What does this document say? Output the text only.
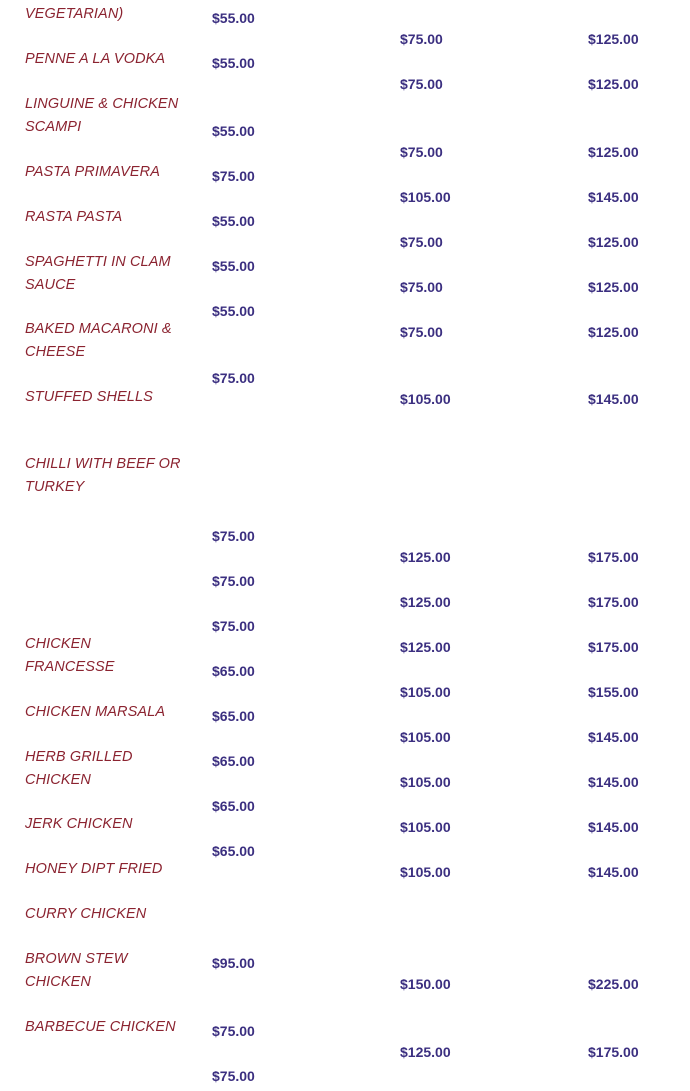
VEGETARIAN)

PENNE A LA VODKA

LINGUINE & CHICKEN SCAMPI

PASTA PRIMAVERA

RASTA PASTA

SPAGHETTI IN CLAM SAUCE

BAKED MACARONI & CHEESE

STUFFED SHELLS

CHILLI WITH BEEF OR TURKEY

CHICKEN FRANCESSE

CHICKEN MARSALA

HERB GRILLED CHICKEN

JERK CHICKEN

HONEY DIPT FRIED

CURRY CHICKEN

BROWN STEW CHICKEN

BARBECUE CHICKEN

$55.00
$55.00
$55.00
$75.00
$55.00
$55.00
$55.00
$75.00
$75.00
$75.00
$75.00
$65.00
$65.00
$65.00
$65.00
$65.00
$95.00
$75.00
$75.00
$75.00
$75.00
$75.00
$105.00
$75.00
$75.00
$75.00
$105.00
$125.00
$125.00
$125.00
$105.00
$105.00
$105.00
$105.00
$105.00
$150.00
$125.00
$125.00
$125.00
$125.00
$145.00
$125.00
$125.00
$125.00
$145.00
$175.00
$175.00
$175.00
$155.00
$145.00
$145.00
$145.00
$145.00
$225.00
$175.00
